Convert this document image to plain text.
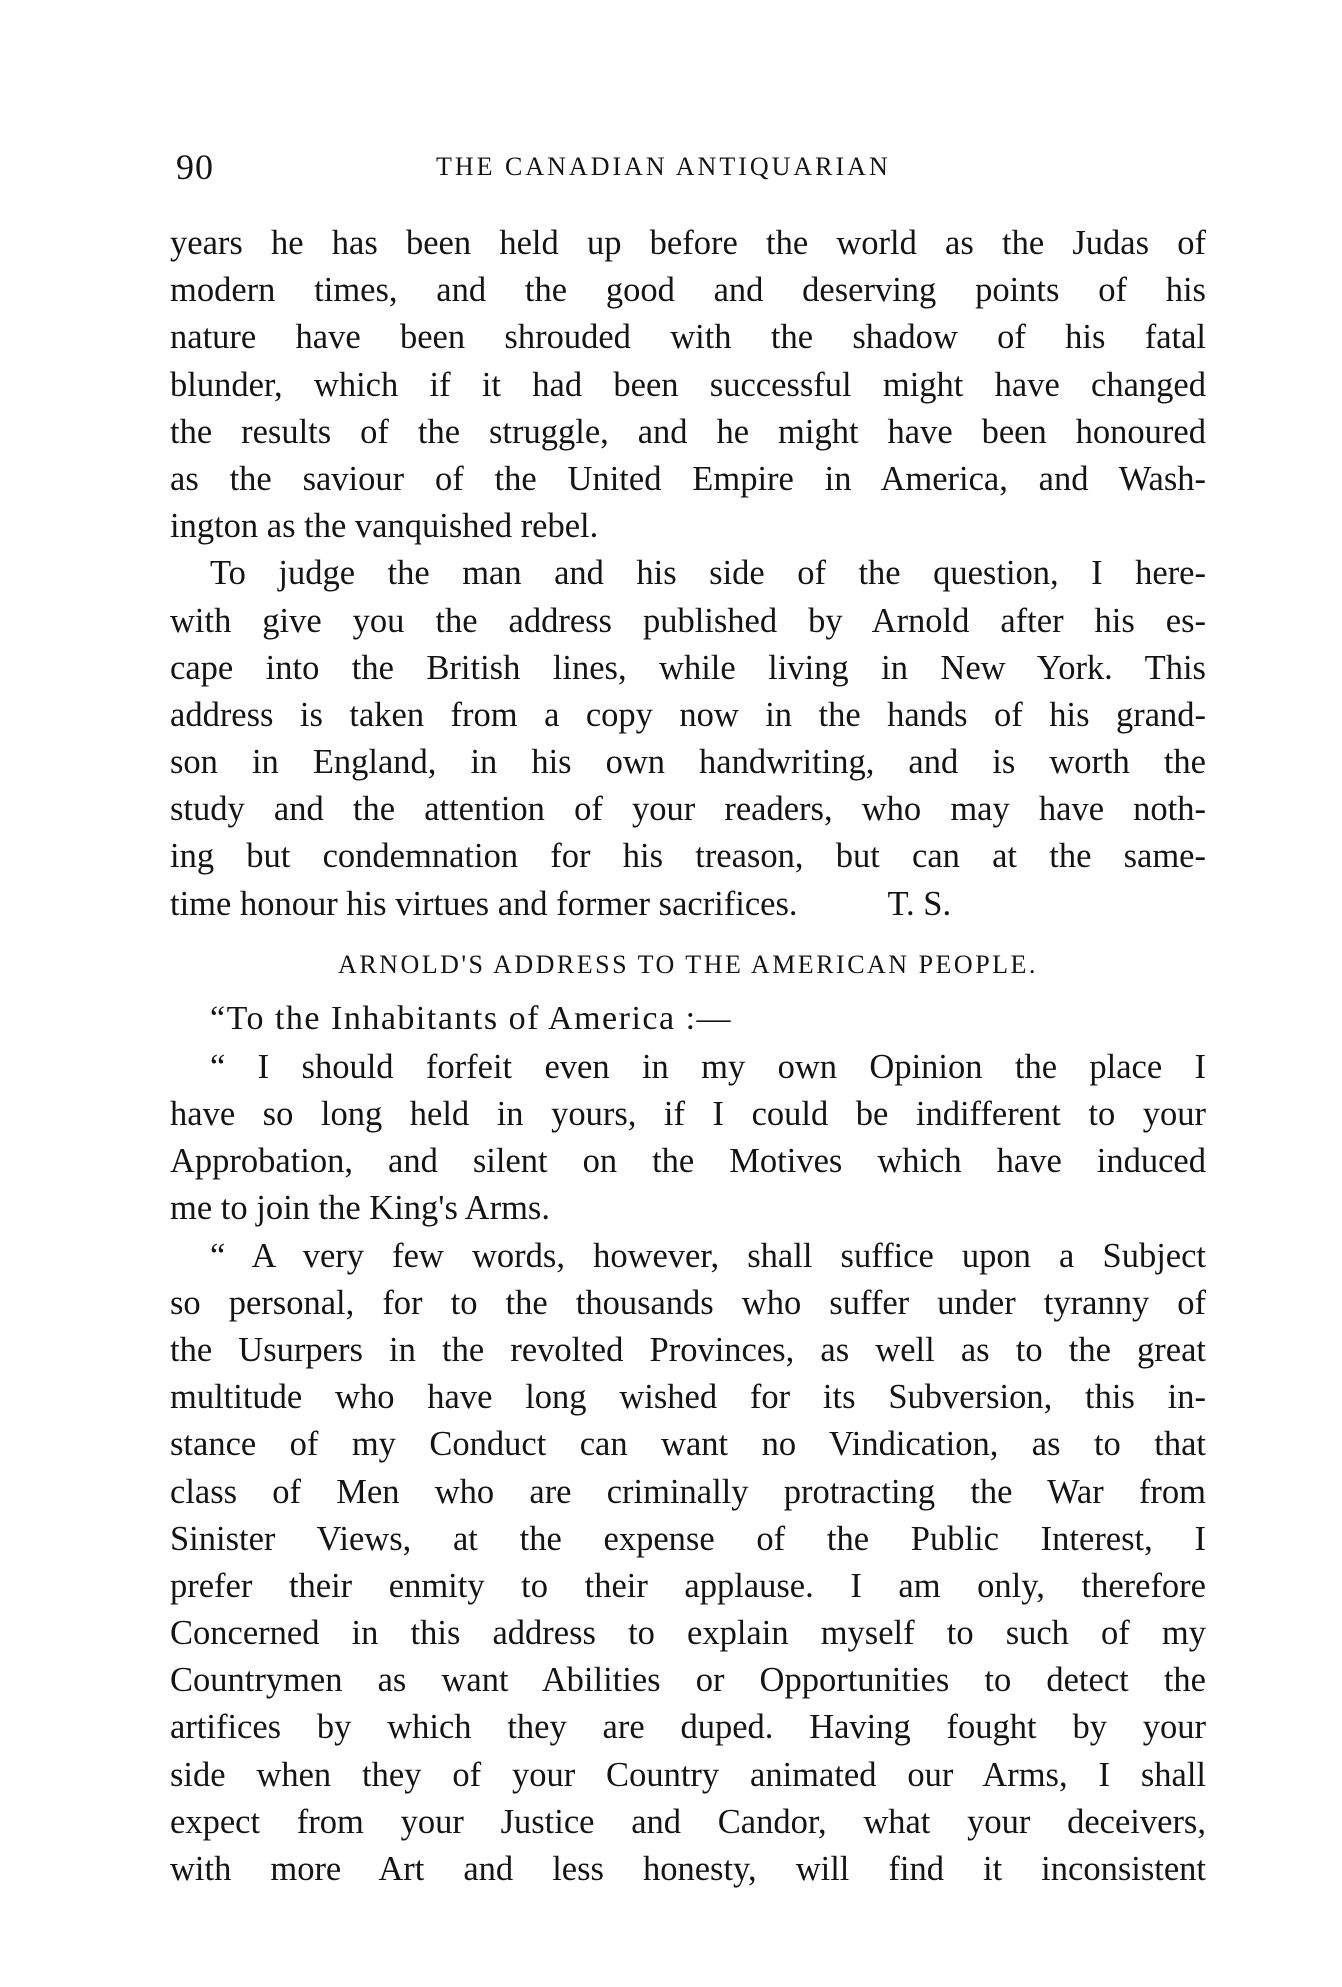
90	THE CANADIAN ANTIQUARIAN
years he has been held up before the world as the Judas of
modern times, and the good and deserving points of his
nature have been shrouded with the shadow of his fatal
blunder, which if it had been successful might have changed
the results of the struggle, and he might have been honoured
as the saviour of the United Empire in America, and Wash-
ington as the vanquished rebel.
To judge the man and his side of the question, I here-
with give you the address published by Arnold after his es-
cape into the British lines, while living in New York. This
address is taken from a copy now in the hands of his grand-
son in England, in his own handwriting, and is worth the
study and the attention of your readers, who may have noth-
ing but condemnation for his treason, but can at the same-
time honour his virtues and former sacrifices.	T. S.
ARNOLD'S ADDRESS TO THE AMERICAN PEOPLE.
“To the Inhabitants of America :—
“ I should forfeit even in my own Opinion the place I
have so long held in yours, if I could be indifferent to your
Approbation, and silent on the Motives which have induced
me to join the King's Arms.
“ A very few words, however, shall suffice upon a Subject
so personal, for to the thousands who suffer under tyranny of
the Usurpers in the revolted Provinces, as well as to the great
multitude who have long wished for its Subversion, this in-
stance of my Conduct can want no Vindication, as to that
class of Men who are criminally protracting the War from
Sinister Views, at the expense of the Public Interest, I
prefer their enmity to their applause. I am only, therefore
Concerned in this address to explain myself to such of my
Countrymen as want Abilities or Opportunities to detect the
artifices by which they are duped. Having fought by your
side when they of your Country animated our Arms, I shall
expect from your Justice and Candor, what your deceivers,
with more Art and less honesty, will find it inconsistent
